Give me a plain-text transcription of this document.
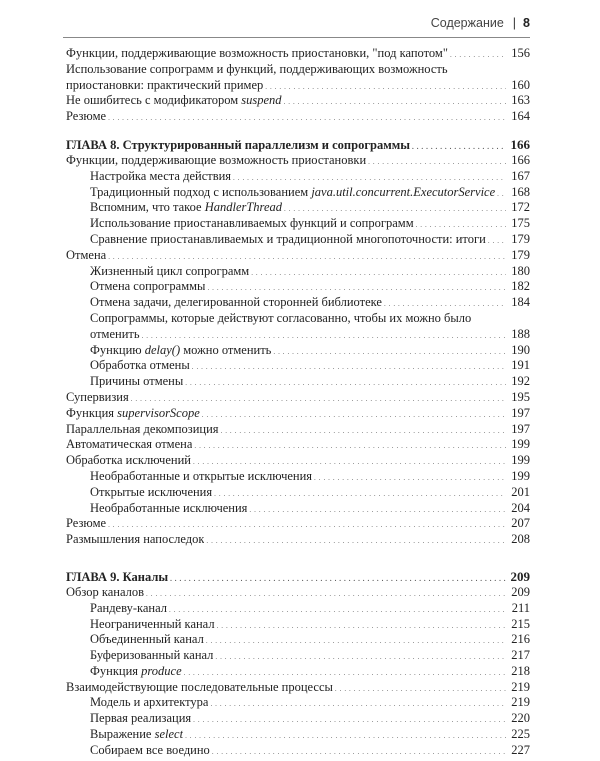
Содержание | 8
Функции, поддерживающие возможность приостановки, "под капотом" . . .	156
Использование сопрограмм и функций, поддерживающих возможность
приостановки: практический пример . . .	160
Не ошибитесь с модификатором suspend . . .	163
Резюме . . .	164
ГЛАВА 8. Структурированный параллелизм и сопрограммы . . .	166
Функции, поддерживающие возможность приостановки . . .	166
Настройка места действия . . .	167
Традиционный подход с использованием java.util.concurrent.ExecutorService . . . 168
Вспомним, что такое HandlerThread . . .	172
Использование приостанавливаемых функций и сопрограмм . . .	175
Сравнение приостанавливаемых и традиционной многопоточности: итоги . . . 179
Отмена . . .	179
Жизненный цикл сопрограмм . . .	180
Отмена сопрограммы . . .	182
Отмена задачи, делегированной сторонней библиотеке . . .	184
Сопрограммы, которые действуют согласованно, чтобы их можно было
отменить . . .	188
Функцию delay() можно отменить . . .	190
Обработка отмены . . .	191
Причины отмены . . .	192
Супервизия . . .	195
Функция supervisorScope . . .	197
Параллельная декомпозиция . . .	197
Автоматическая отмена . . .	199
Обработка исключений . . .	199
Необработанные и открытые исключения . . .	199
Открытые исключения . . .	201
Необработанные исключения . . .	204
Резюме . . .	207
Размышления напоследок . . .	208
ГЛАВА 9. Каналы . . .	209
Обзор каналов . . .	209
Рандеву-канал . . .	211
Неограниченный канал . . .	215
Объединенный канал . . .	216
Буферизованный канал . . .	217
Функция produce . . .	218
Взаимодействующие последовательные процессы . . .	219
Модель и архитектура . . .	219
Первая реализация . . .	220
Выражение select . . .	225
Собираем все воедино . . .	227
